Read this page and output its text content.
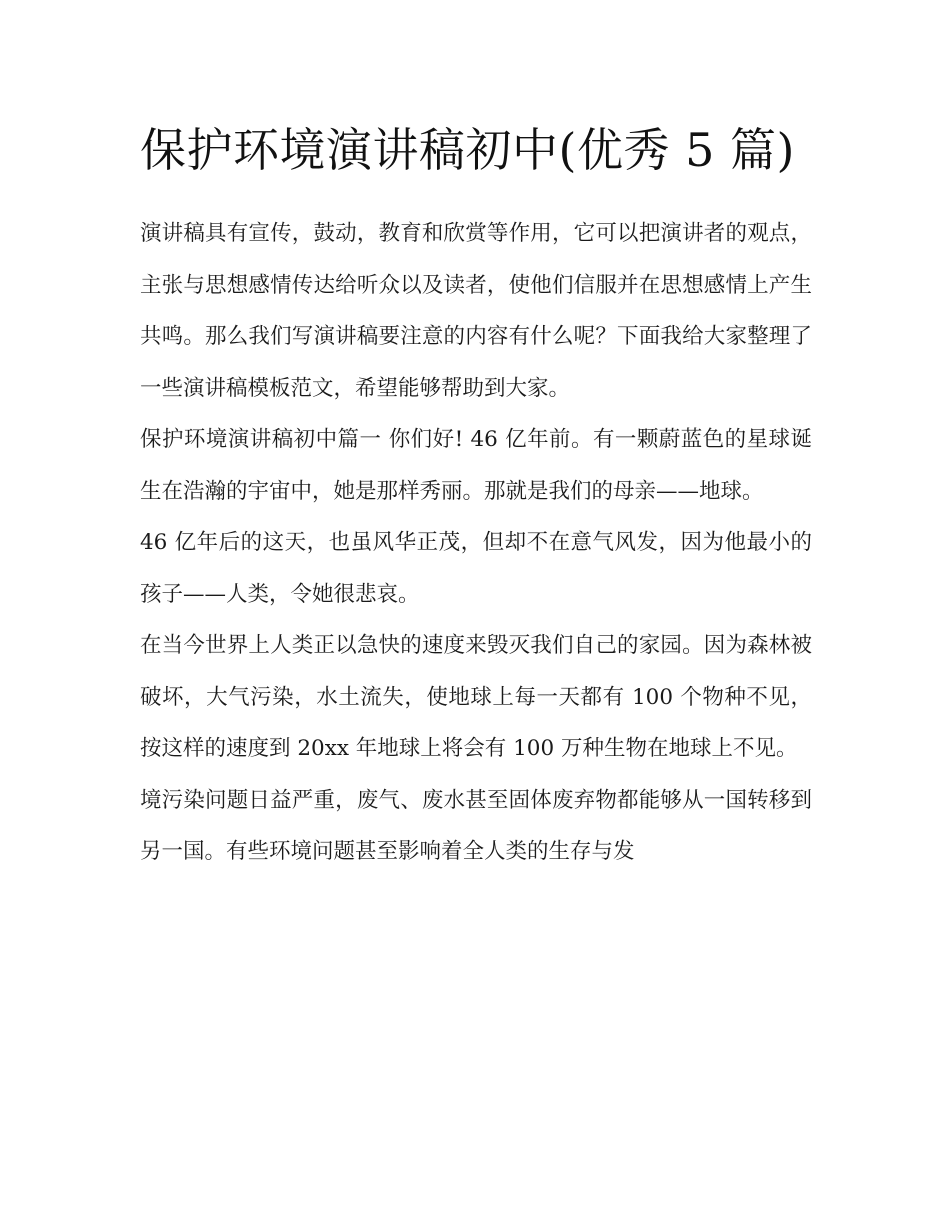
保护环境演讲稿初中(优秀 5 篇)

演讲稿具有宣传，鼓动，教育和欣赏等作用，它可以把演讲者的观点，主张与思想感情传达给听众以及读者，使他们信服并在思想感情上产生共鸣。那么我们写演讲稿要注意的内容有什么呢？下面我给大家整理了一些演讲稿模板范文，希望能够帮助到大家。

保护环境演讲稿初中篇一 你们好! 46 亿年前。有一颗蔚蓝色的星球诞生在浩瀚的宇宙中，她是那样秀丽。那就是我们的母亲——地球。

46 亿年后的这天，也虽风华正茂，但却不在意气风发，因为他最小的孩子——人类，令她很悲哀。

在当今世界上人类正以急快的速度来毁灭我们自己的家园。因为森林被破坏，大气污染，水土流失，使地球上每一天都有 100 个物种不见，按这样的速度到 20xx 年地球上将会有 100 万种生物在地球上不见。

境污染问题日益严重，废气、废水甚至固体废弃物都能够从一国转移到另一国。有些环境问题甚至影响着全人类的生存与发
